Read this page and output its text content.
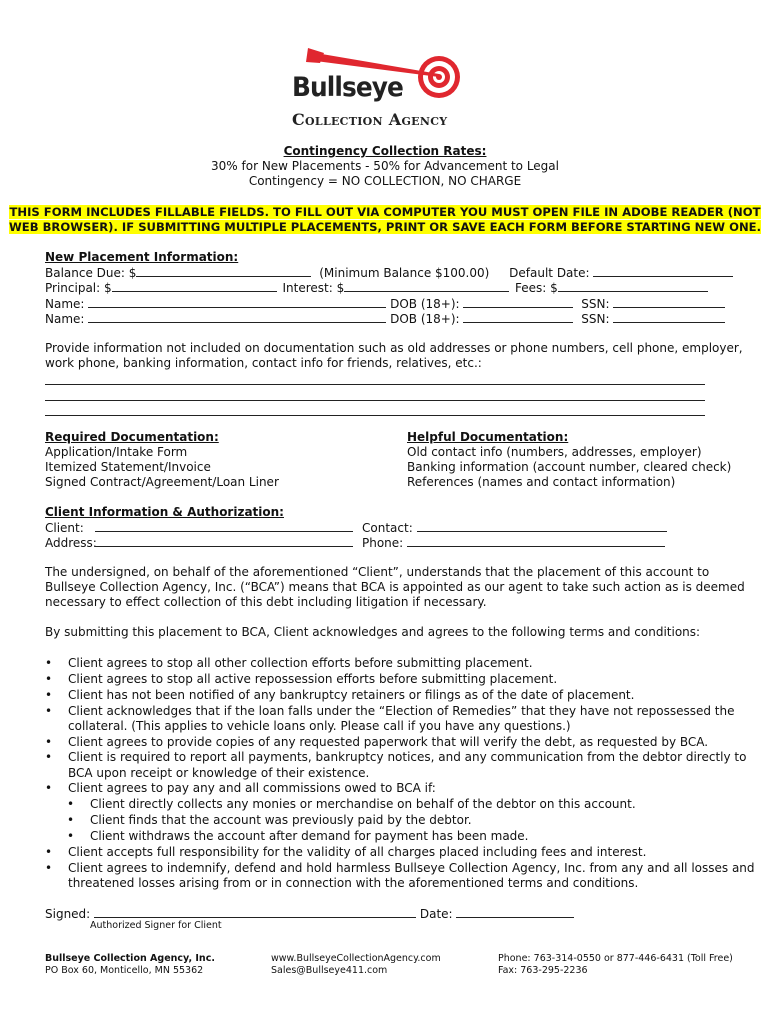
Bullseye
Collection Agency
Contingency Collection Rates:
30% for New Placements - 50% for Advancement to Legal
Contingency = NO COLLECTION, NO CHARGE
THIS FORM INCLUDES FILLABLE FIELDS. TO FILL OUT VIA COMPUTER YOU MUST OPEN FILE IN ADOBE READER (NOT
WEB BROWSER). IF SUBMITTING MULTIPLE PLACEMENTS, PRINT OR SAVE EACH FORM BEFORE STARTING NEW ONE.
New Placement Information:
Balance Due: $	(Minimum Balance $100.00) Default Date:
Principal: $	Interest: $	Fees: $
Name:	DOB (18+):	SSN:
Name:	DOB (18+):	SSN:
Provide information not included on documentation such as old addresses or phone numbers, cell phone, employer,
work phone, banking information, contact info for friends, relatives, etc.:
Required Documentation:
Application/Intake Form
Itemized Statement/Invoice
Signed Contract/Agreement/Loan Liner
Helpful Documentation:
Old contact info (numbers, addresses, employer)
Banking information (account number, cleared check)
References (names and contact information)
Client Information & Authorization:
Client:	Contact:
Address:	Phone:
The undersigned, on behalf of the aforementioned “Client”, understands that the placement of this account to
Bullseye Collection Agency, Inc. (“BCA”) means that BCA is appointed as our agent to take such action as is deemed
necessary to effect collection of this debt including litigation if necessary.
By submitting this placement to BCA, Client acknowledges and agrees to the following terms and conditions:
• Client agrees to stop all other collection efforts before submitting placement.
• Client agrees to stop all active repossession efforts before submitting placement.
• Client has not been notified of any bankruptcy retainers or filings as of the date of placement.
• Client acknowledges that if the loan falls under the “Election of Remedies” that they have not repossessed the
collateral. (This applies to vehicle loans only. Please call if you have any questions.)
• Client agrees to provide copies of any requested paperwork that will verify the debt, as requested by BCA.
• Client is required to report all payments, bankruptcy notices, and any communication from the debtor directly to
BCA upon receipt or knowledge of their existence.
• Client agrees to pay any and all commissions owed to BCA if:
• Client directly collects any monies or merchandise on behalf of the debtor on this account.
• Client finds that the account was previously paid by the debtor.
• Client withdraws the account after demand for payment has been made.
• Client accepts full responsibility for the validity of all charges placed including fees and interest.
• Client agrees to indemnify, defend and hold harmless Bullseye Collection Agency, Inc. from any and all losses and
threatened losses arising from or in connection with the aforementioned terms and conditions.
Signed:	Date:
Authorized Signer for Client
Bullseye Collection Agency, Inc.
PO Box 60, Monticello, MN 55362
www.BullseyeCollectionAgency.com
Sales@Bullseye411.com
Phone: 763-314-0550 or 877-446-6431 (Toll Free)
Fax: 763-295-2236
